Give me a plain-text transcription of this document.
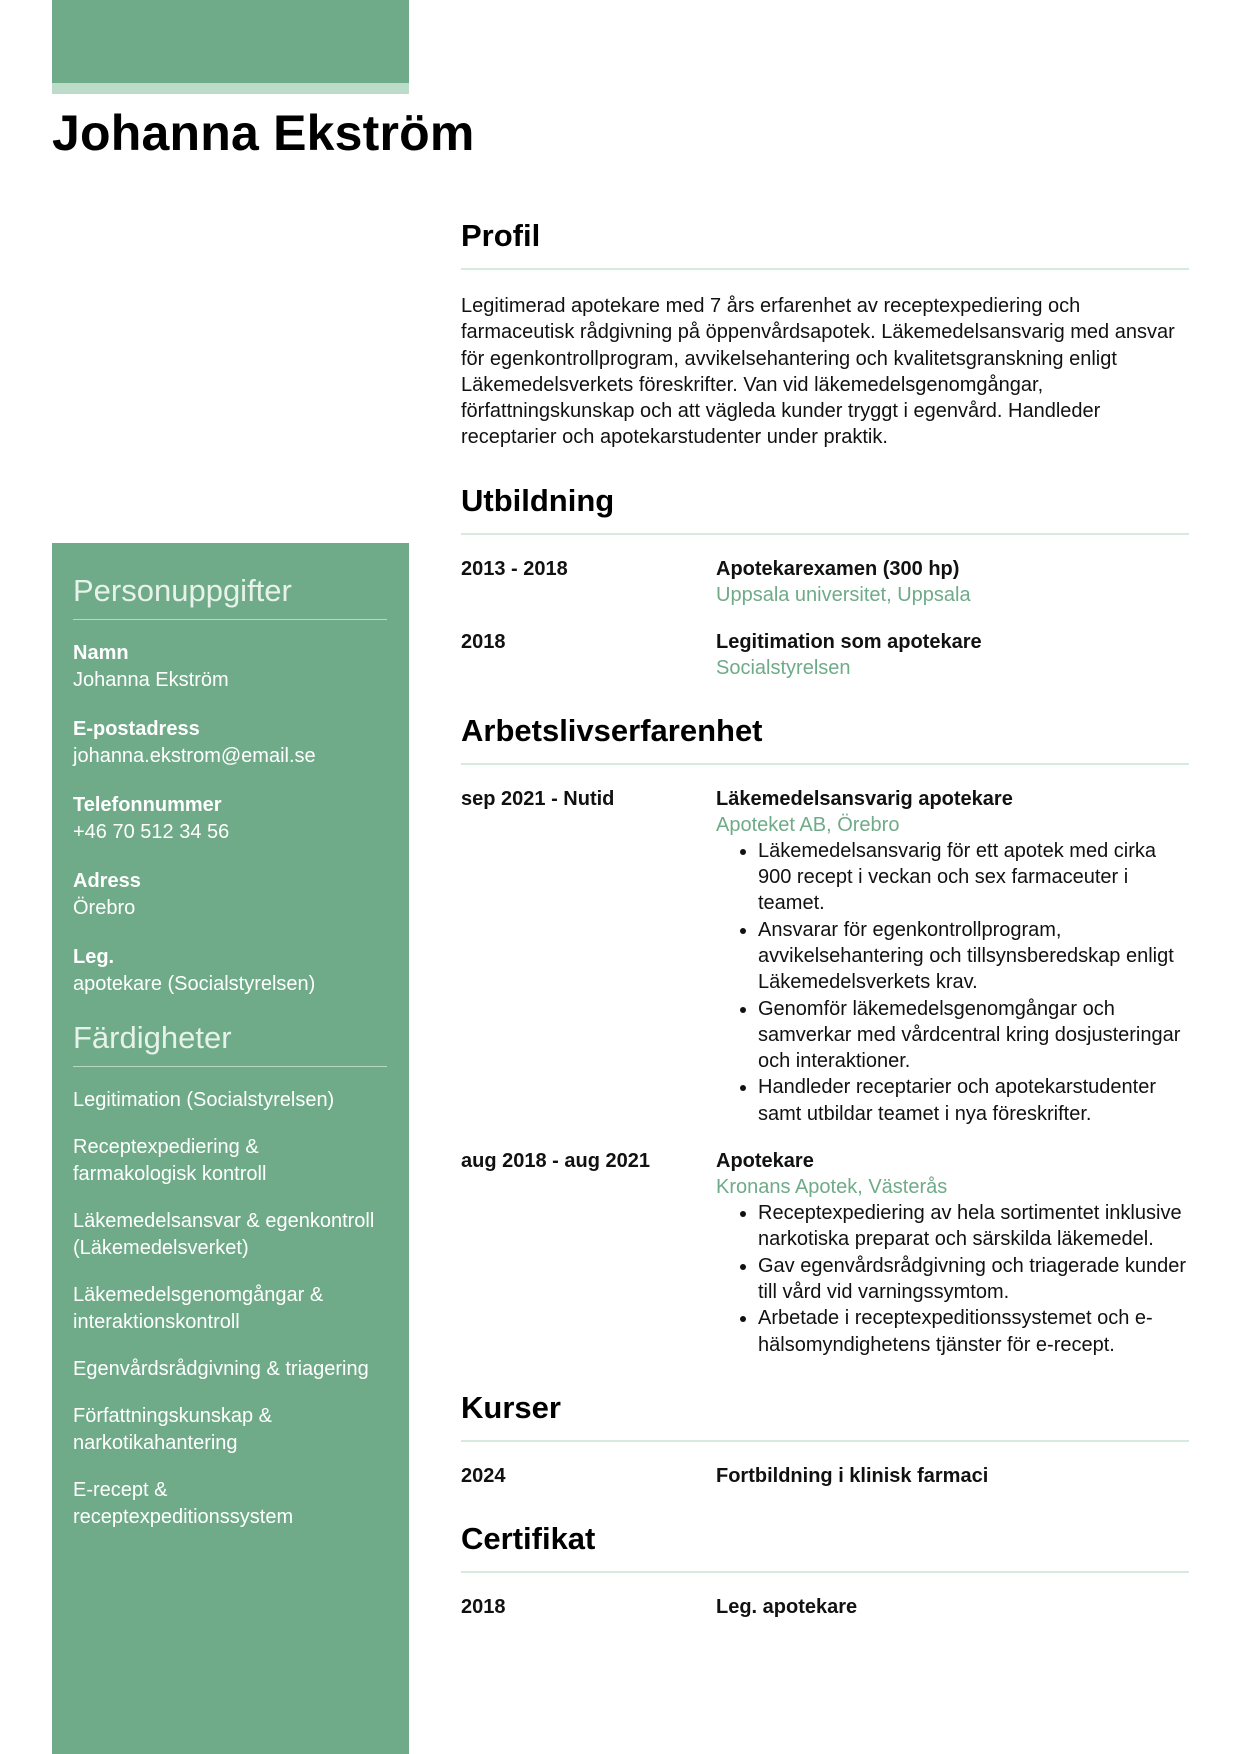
Johanna Ekström
Personuppgifter
Namn
Johanna Ekström
E-postadress
johanna.ekstrom@email.se
Telefonnummer
+46 70 512 34 56
Adress
Örebro
Leg.
apotekare (Socialstyrelsen)
Färdigheter
Legitimation (Socialstyrelsen)
Receptexpediering & farmakologisk kontroll
Läkemedelsansvar & egenkontroll (Läkemedelsverket)
Läkemedelsgenomgångar & interaktionskontroll
Egenvårdsrådgivning & triagering
Författningskunskap & narkotikahantering
E-recept & receptexpeditionssystem
Profil

Legitimerad apotekare med 7 års erfarenhet av receptexpediering och farmaceutisk rådgivning på öppenvårdsapotek. Läkemedelsansvarig med ansvar för egenkontrollprogram, avvikelsehantering och kvalitetsgranskning enligt Läkemedelsverkets föreskrifter. Van vid läkemedelsgenomgångar, författningskunskap och att vägleda kunder tryggt i egenvård. Handleder receptarier och apotekarstudenter under praktik.

Utbildning
2013 - 2018	Apotekarexamen (300 hp)
Uppsala universitet, Uppsala
2018	Legitimation som apotekare
Socialstyrelsen
Arbetslivserfarenhet
sep 2021 - Nutid	Läkemedelsansvarig apotekare
Apoteket AB, Örebro
• Läkemedelsansvarig för ett apotek med cirka 900 recept i veckan och sex farmaceuter i teamet.
• Ansvarar för egenkontrollprogram, avvikelsehantering och tillsynsberedskap enligt Läkemedelsverkets krav.
• Genomför läkemedelsgenomgångar och samverkar med vårdcentral kring dosjusteringar och interaktioner.
• Handleder receptarier och apotekarstudenter samt utbildar teamet i nya föreskrifter.
aug 2018 - aug 2021	Apotekare
Kronans Apotek, Västerås
• Receptexpediering av hela sortimentet inklusive narkotiska preparat och särskilda läkemedel.
• Gav egenvårdsrådgivning och triagerade kunder till vård vid varningssymtom.
• Arbetade i receptexpeditionssystemet och e-hälsomyndighetens tjänster för e-recept.
Kurser
2024	Fortbildning i klinisk farmaci
Certifikat
2018	Leg. apotekare
